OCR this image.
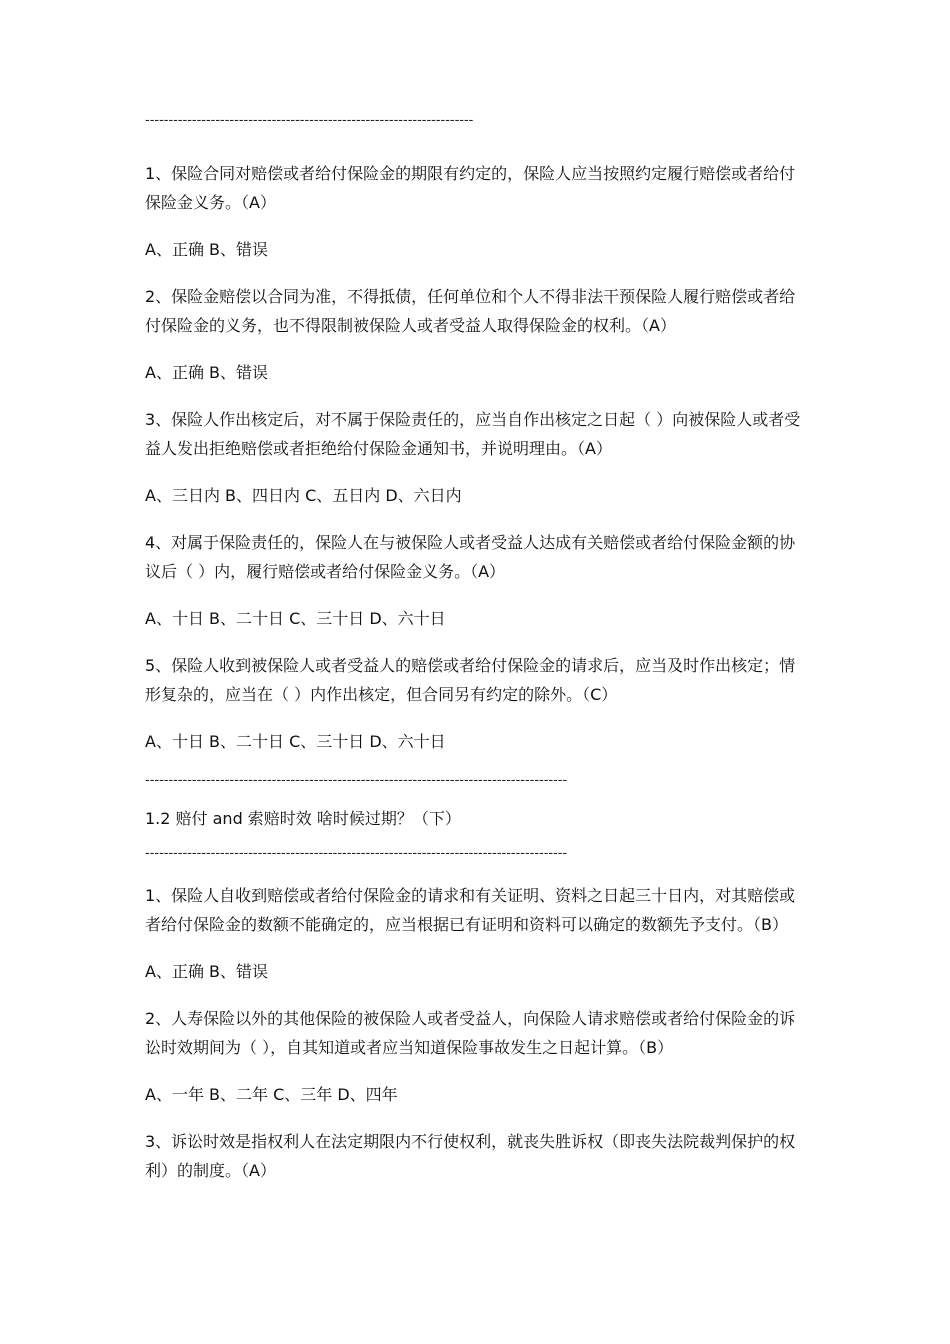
----------------------------------------------------------------------

1、保险合同对赔偿或者给付保险金的期限有约定的，保险人应当按照约定履行赔偿或者给付保险金义务。（A）

A、正确 B、错误

2、保险金赔偿以合同为准，不得抵债，任何单位和个人不得非法干预保险人履行赔偿或者给付保险金的义务，也不得限制被保险人或者受益人取得保险金的权利。（A）

A、正确 B、错误

3、保险人作出核定后，对不属于保险责任的，应当自作出核定之日起（ ）向被保险人或者受益人发出拒绝赔偿或者拒绝给付保险金通知书，并说明理由。（A）

A、三日内 B、四日内 C、五日内 D、六日内

4、对属于保险责任的，保险人在与被保险人或者受益人达成有关赔偿或者给付保险金额的协议后（ ）内，履行赔偿或者给付保险金义务。（A）

A、十日 B、二十日 C、三十日 D、六十日

5、保险人收到被保险人或者受益人的赔偿或者给付保险金的请求后，应当及时作出核定；情形复杂的，应当在（ ）内作出核定，但合同另有约定的除外。（C）

A、十日 B、二十日 C、三十日 D、六十日

------------------------------------------------------------------------------------------

1.2 赔付 and 索赔时效 啥时候过期？（下）

------------------------------------------------------------------------------------------

1、保险人自收到赔偿或者给付保险金的请求和有关证明、资料之日起三十日内，对其赔偿或者给付保险金的数额不能确定的，应当根据已有证明和资料可以确定的数额先予支付。（B）

A、正确 B、错误

2、人寿保险以外的其他保险的被保险人或者受益人，向保险人请求赔偿或者给付保险金的诉讼时效期间为（ ），自其知道或者应当知道保险事故发生之日起计算。（B）

A、一年 B、二年 C、三年 D、四年

3、诉讼时效是指权利人在法定期限内不行使权利，就丧失胜诉权（即丧失法院裁判保护的权利）的制度。（A）
